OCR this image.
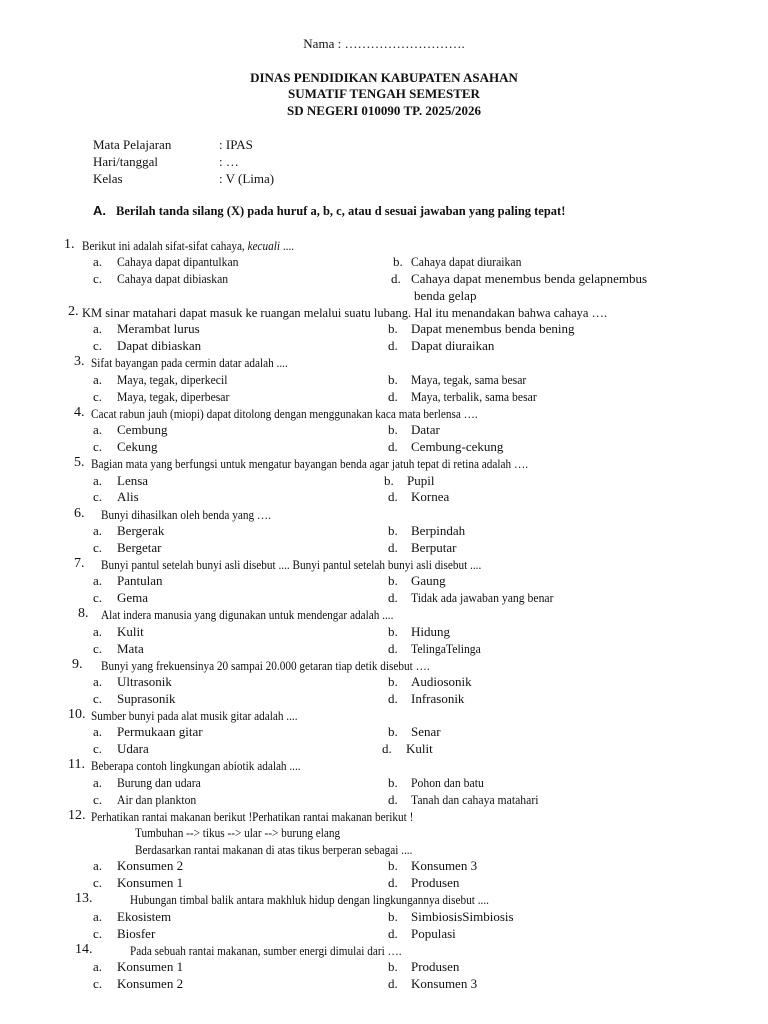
Nama : ……………………….
DINAS PENDIDIKAN KABUPATEN ASAHAN
SUMATIF TENGAH SEMESTER
SD NEGERI 010090 TP. 2025/2026
Mata Pelajaran	: IPAS
Hari/tanggal	: …
Kelas	: V (Lima)
A. Berilah tanda silang (X) pada huruf a, b, c, atau d sesuai jawaban yang paling tepat!
1. Berikut ini adalah sifat-sifat cahaya, kecuali ....
a. Cahaya dapat dipantulkan	b. Cahaya dapat diuraikan
c. Cahaya dapat dibiaskan	d. Cahaya dapat menembus benda gelapnembus
benda gelap
2. KM sinar matahari dapat masuk ke ruangan melalui suatu lubang. Hal itu menandakan bahwa cahaya ….
a. Merambat lurus	b. Dapat menembus benda bening
c. Dapat dibiaskan	d. Dapat diuraikan
3. Sifat bayangan pada cermin datar adalah ....
a. Maya, tegak, diperkecil	b. Maya, tegak, sama besar
c. Maya, tegak, diperbesar	d. Maya, terbalik, sama besar
4. Cacat rabun jauh (miopi) dapat ditolong dengan menggunakan kaca mata berlensa ….
a. Cembung	b. Datar
c. Cekung	d. Cembung-cekung
5. Bagian mata yang berfungsi untuk mengatur bayangan benda agar jatuh tepat di retina adalah ….
a. Lensa	b. Pupil
c. Alis	d. Kornea
6. Bunyi dihasilkan oleh benda yang ….
a. Bergerak	b. Berpindah
c. Bergetar	d. Berputar
7. Bunyi pantul setelah bunyi asli disebut .... Bunyi pantul setelah bunyi asli disebut ....
a. Pantulan	b. Gaung
c. Gema	d. Tidak ada jawaban yang benar
8. Alat indera manusia yang digunakan untuk mendengar adalah ....
a. Kulit	b. Hidung
c. Mata	d. TelingaTelinga
9. Bunyi yang frekuensinya 20 sampai 20.000 getaran tiap detik disebut ….
a. Ultrasonik	b. Audiosonik
c. Suprasonik	d. Infrasonik
10. Sumber bunyi pada alat musik gitar adalah ....
a. Permukaan gitar	b. Senar
c. Udara	d. Kulit
11. Beberapa contoh lingkungan abiotik adalah ....
a. Burung dan udara	b. Pohon dan batu
c. Air dan plankton	d. Tanah dan cahaya matahari
12. Perhatikan rantai makanan berikut !Perhatikan rantai makanan berikut !
Tumbuhan --> tikus --> ular --> burung elang
Berdasarkan rantai makanan di atas tikus berperan sebagai ....
a. Konsumen 2	b. Konsumen 3
c. Konsumen 1	d. Produsen
13.	Hubungan timbal balik antara makhluk hidup dengan lingkungannya disebut ....
a. Ekosistem	b. SimbiosisSimbiosis
c. Biosfer	d. Populasi
14.	Pada sebuah rantai makanan, sumber energi dimulai dari ….
a. Konsumen 1	b. Produsen
c. Konsumen 2	d. Konsumen 3
